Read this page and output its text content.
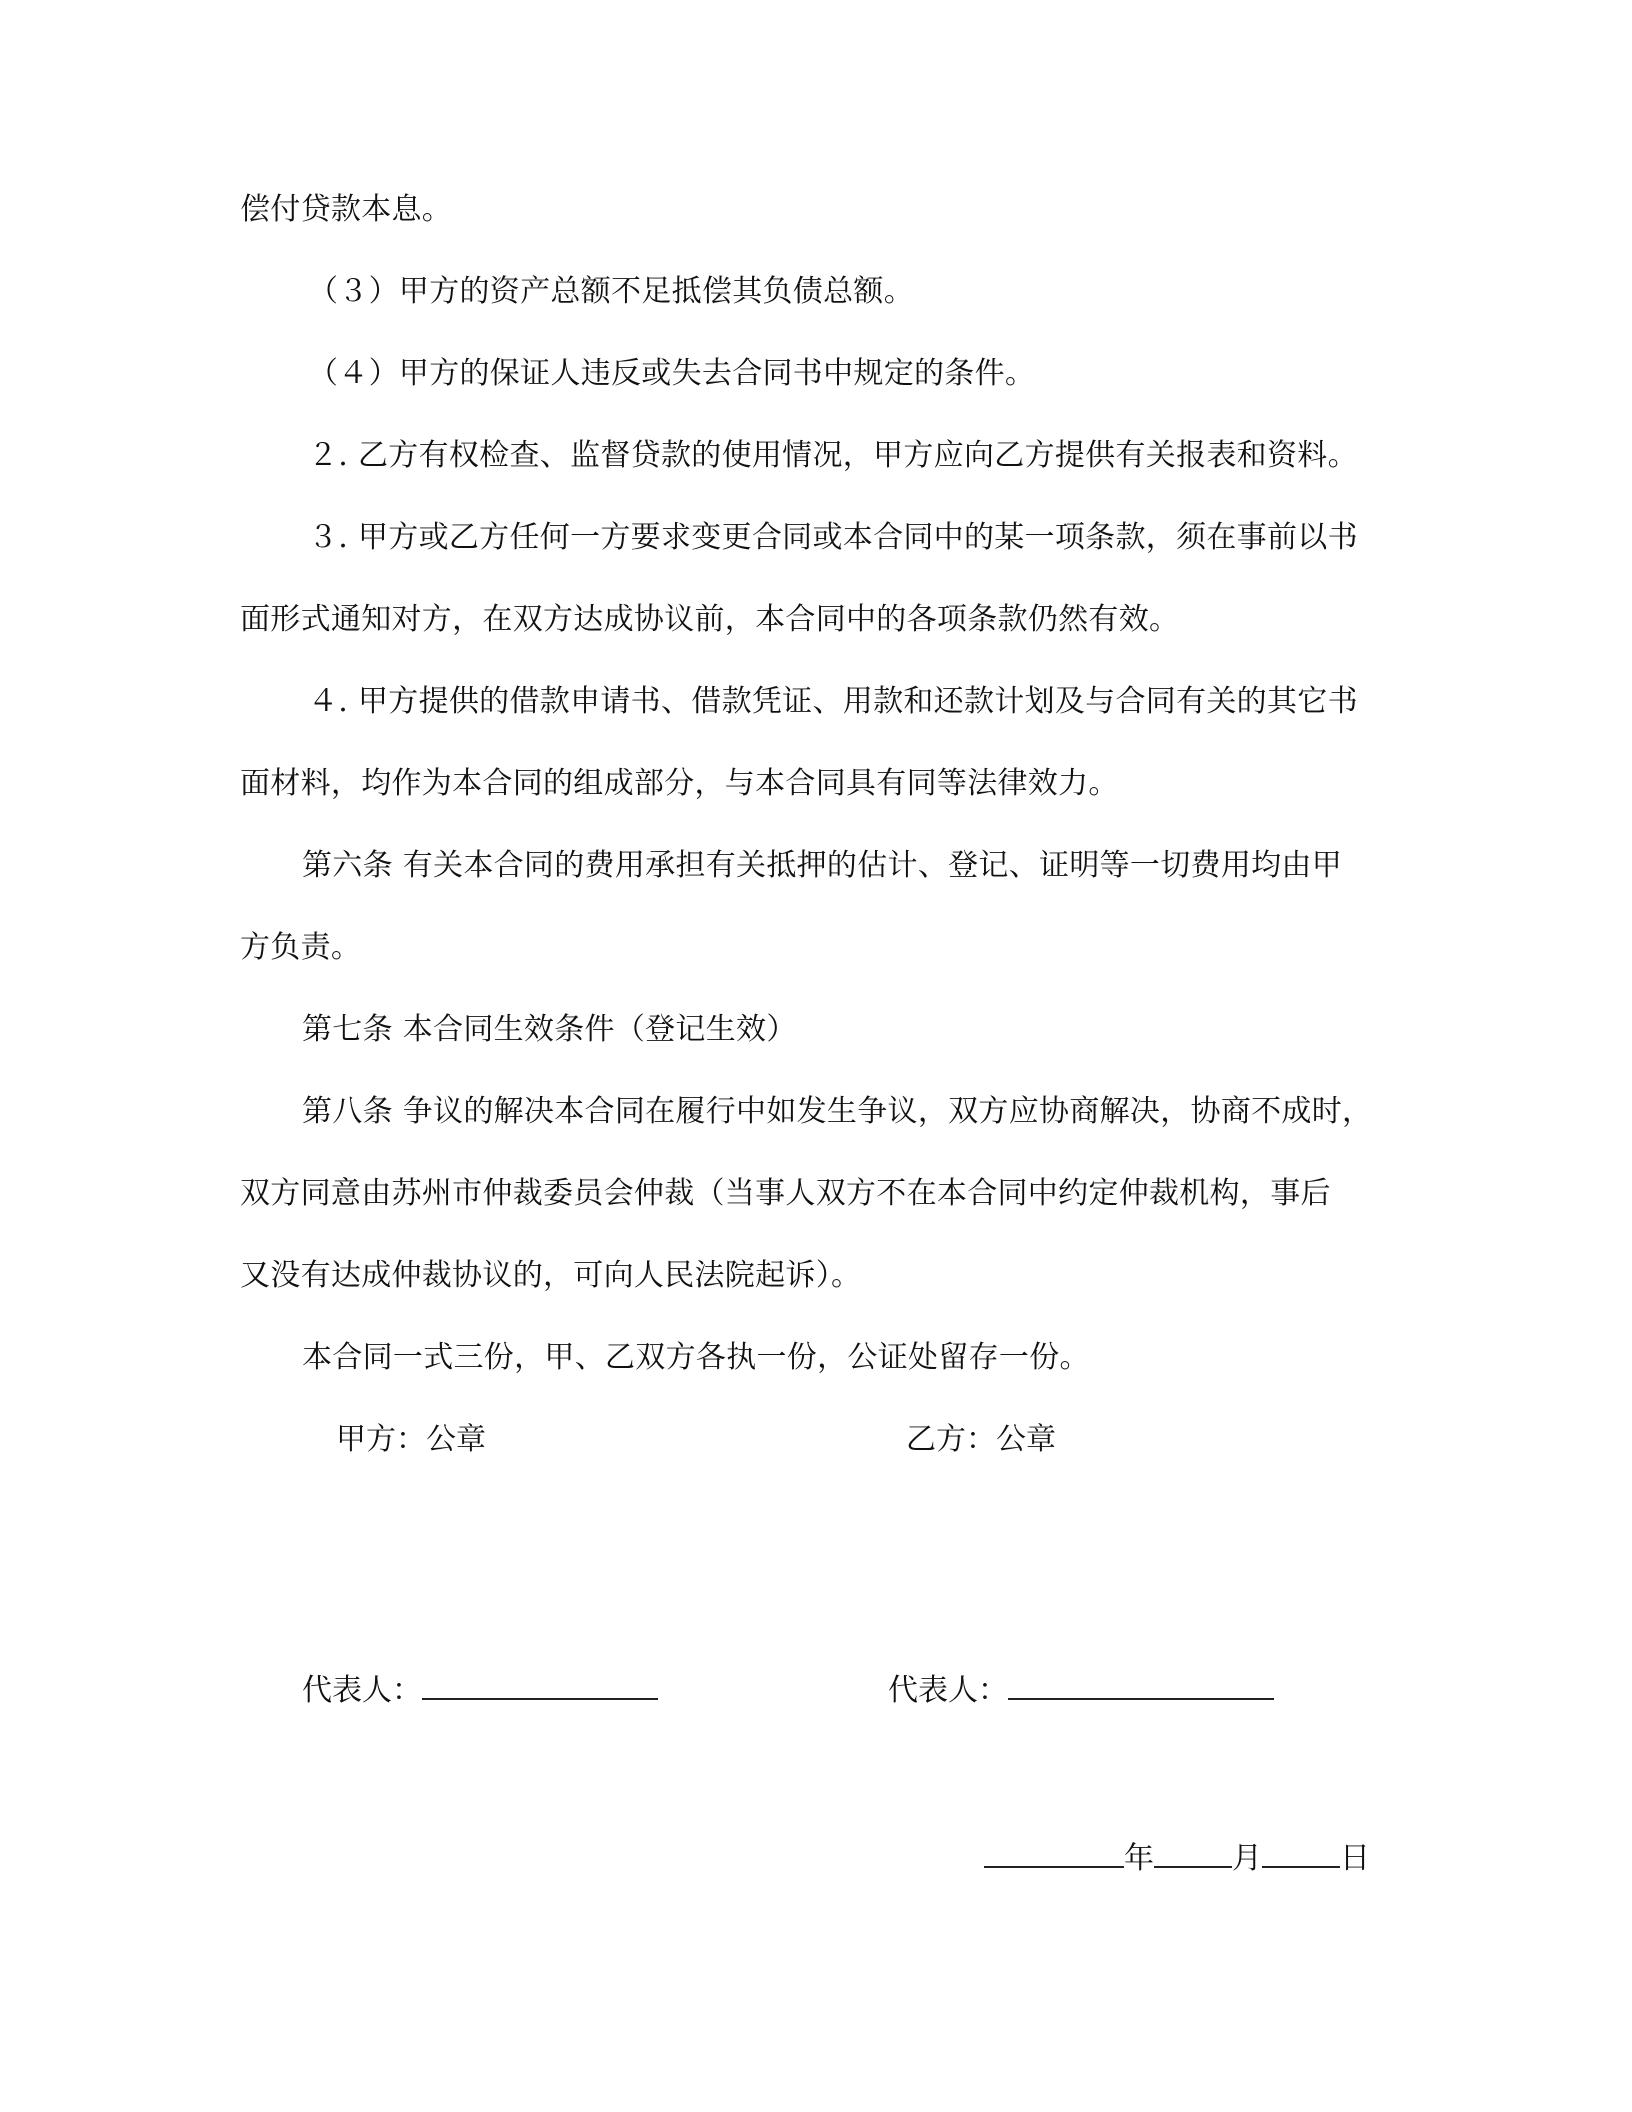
偿付贷款本息。
（３）甲方的资产总额不足抵偿其负债总额。
（４）甲方的保证人违反或失去合同书中规定的条件。
２. 乙方有权检查、监督贷款的使用情况，甲方应向乙方提供有关报表和资料。
３. 甲方或乙方任何一方要求变更合同或本合同中的某一项条款，须在事前以书
面形式通知对方，在双方达成协议前，本合同中的各项条款仍然有效。
４. 甲方提供的借款申请书、借款凭证、用款和还款计划及与合同有关的其它书
面材料，均作为本合同的组成部分，与本合同具有同等法律效力。
第六条 有关本合同的费用承担有关抵押的估计、登记、证明等一切费用均由甲
方负责。
第七条 本合同生效条件（登记生效）
第八条 争议的解决本合同在履行中如发生争议，双方应协商解决，协商不成时，
双方同意由苏州市仲裁委员会仲裁（当事人双方不在本合同中约定仲裁机构，事后
又没有达成仲裁协议的，可向人民法院起诉）。
本合同一式三份，甲、乙双方各执一份，公证处留存一份。
甲方：公章	乙方：公章
代表人：	代表人：
年	月	日
